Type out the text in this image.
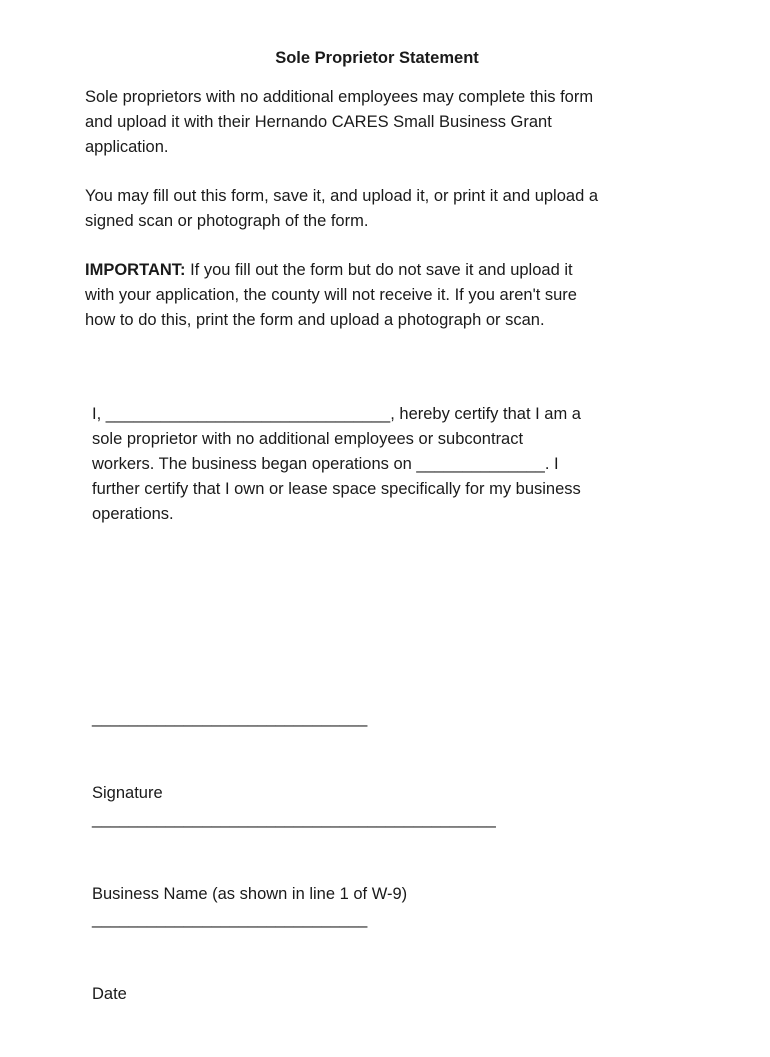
Sole Proprietor Statement
Sole proprietors with no additional employees may complete this form
and upload it with their Hernando CARES Small Business Grant
application.
You may fill out this form, save it, and upload it, or print it and upload a
signed scan or photograph of the form.
IMPORTANT: If you fill out the form but do not save it and upload it
with your application, the county will not receive it. If you aren't sure
how to do this, print the form and upload a photograph or scan.
I, _______________________________, hereby certify that I am a
sole proprietor with no additional employees or subcontract
workers. The business began operations on ______________. I
further certify that I own or lease space specifically for my business
operations.

______________________________

Signature

____________________________________________

Business Name (as shown in line 1 of W-9)

______________________________

Date
